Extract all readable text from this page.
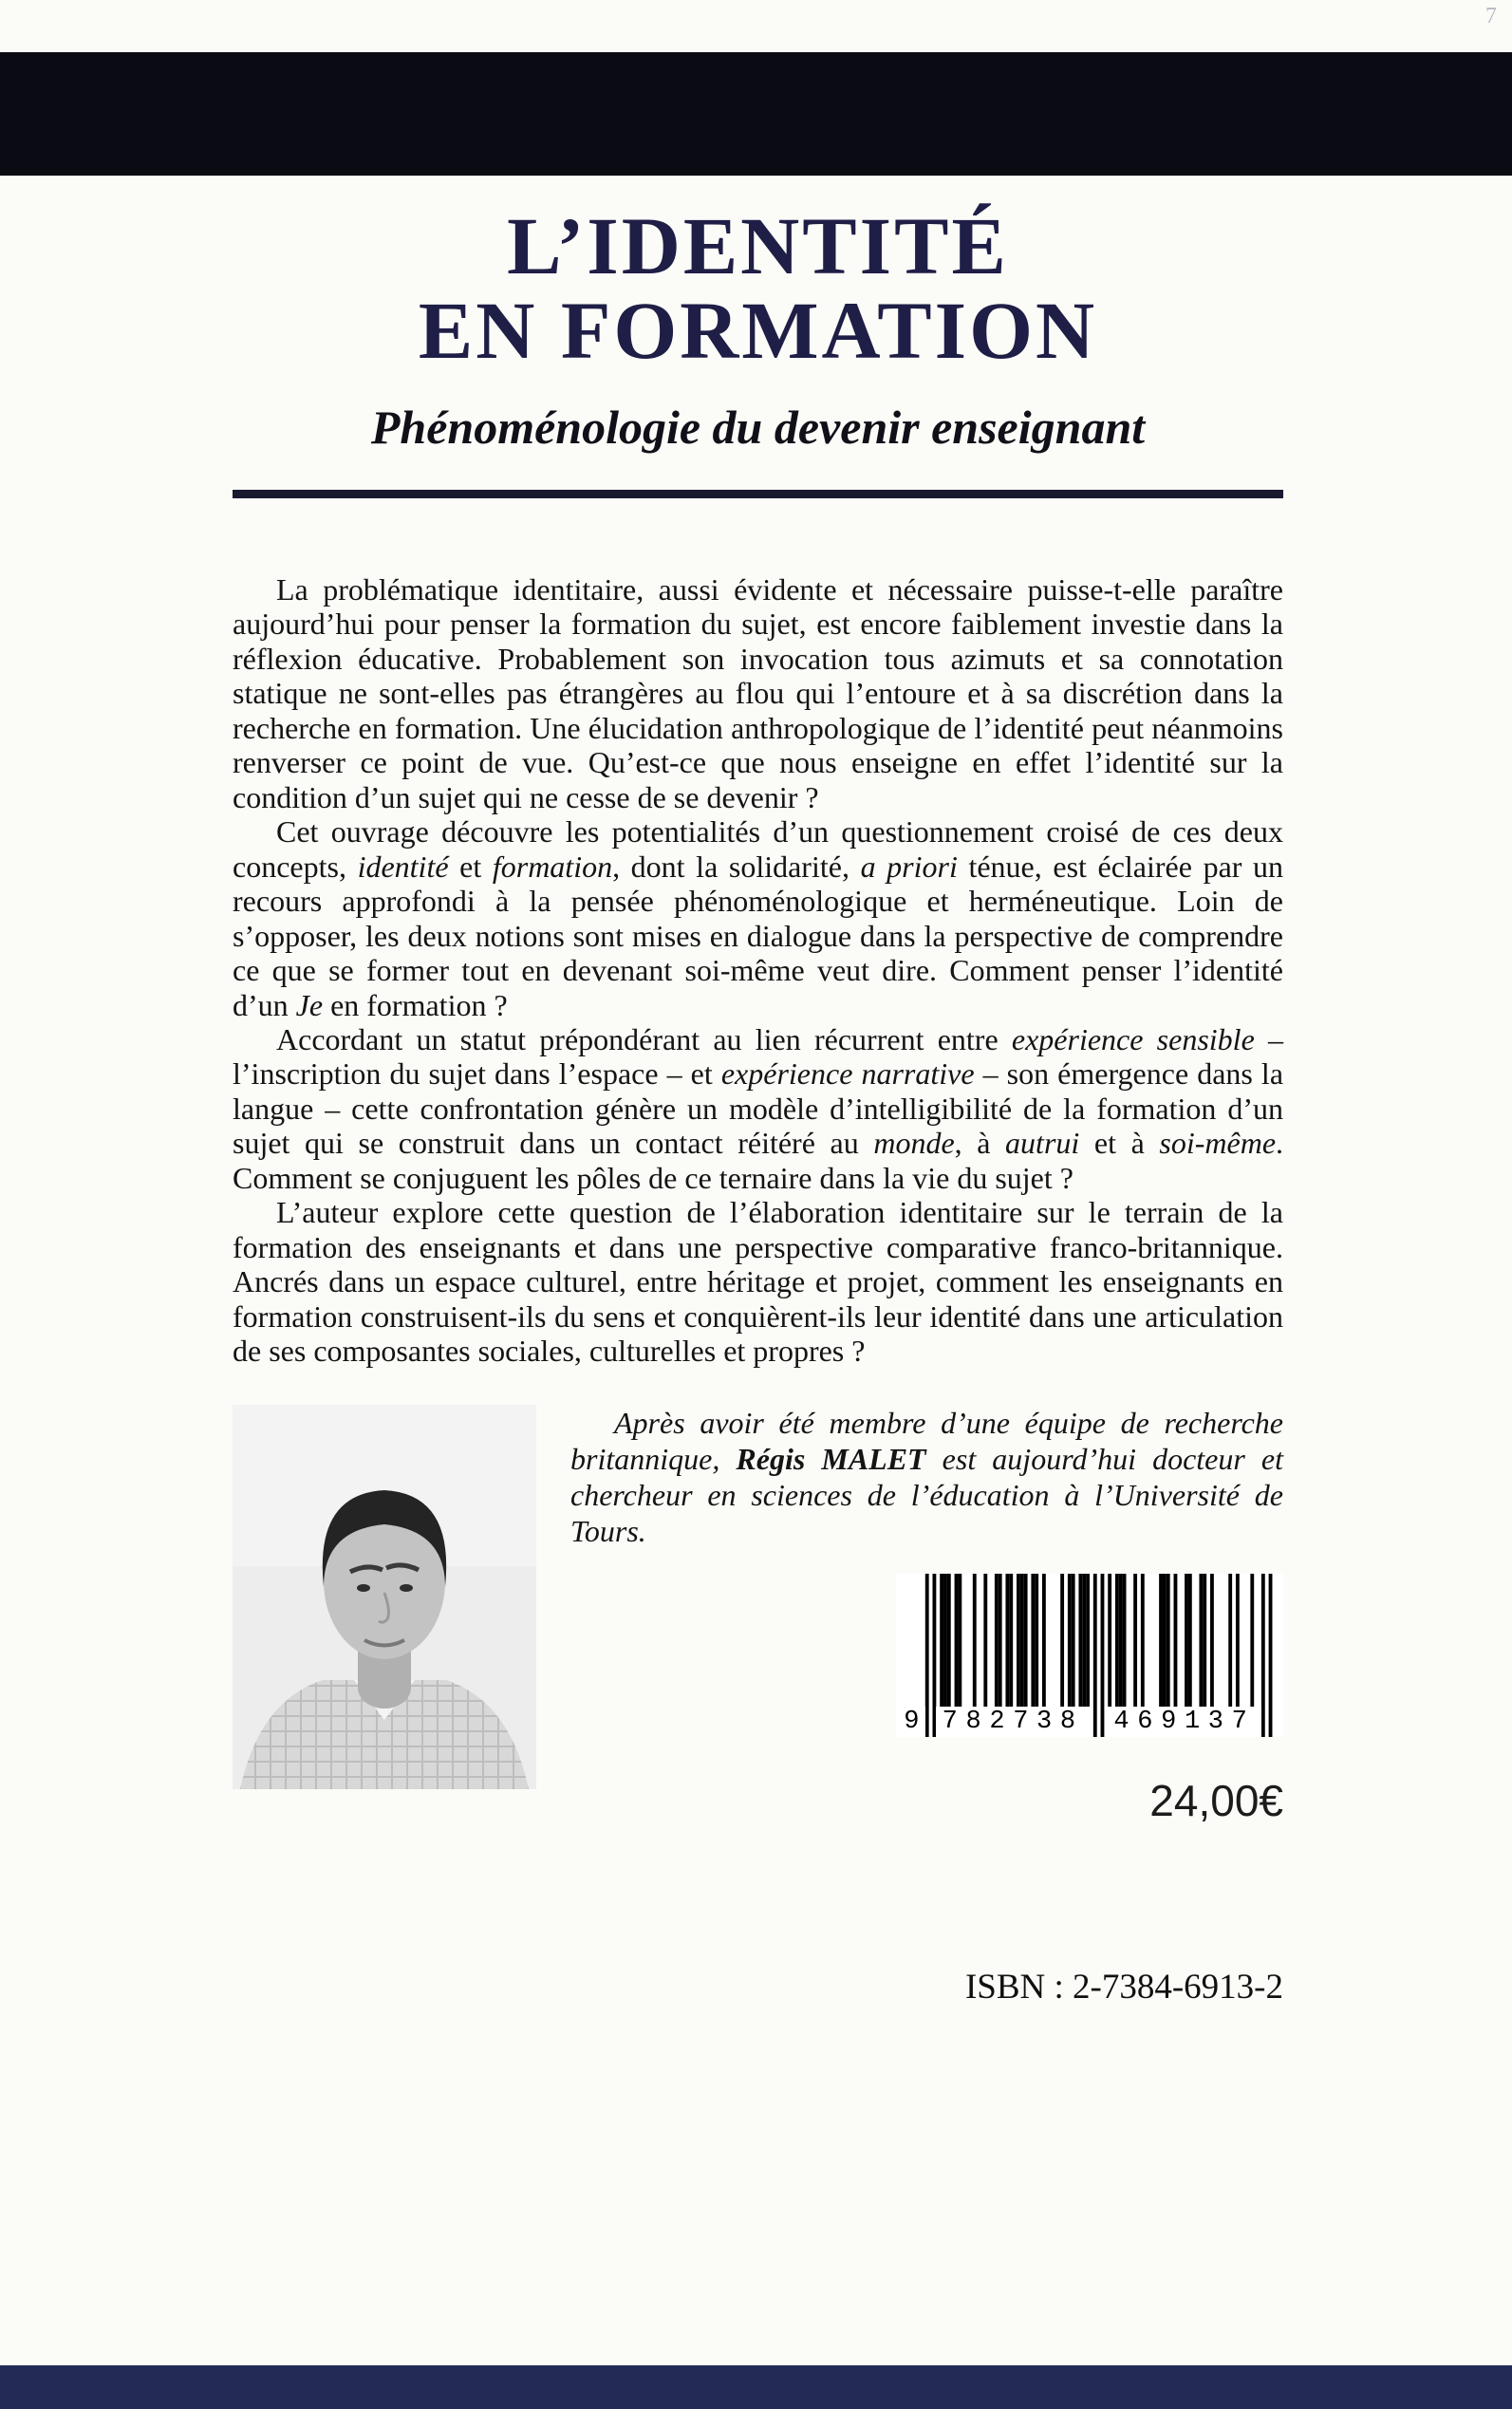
7
L’IDENTITÉ
EN FORMATION
Phénoménologie du devenir enseignant

La problématique identitaire, aussi évidente et nécessaire puisse-t-elle paraître aujourd’hui pour penser la formation du sujet, est encore faiblement investie dans la réflexion éducative. Probablement son invocation tous azimuts et sa connotation statique ne sont-elles pas étrangères au flou qui l’entoure et à sa discrétion dans la recherche en formation. Une élucidation anthropologique de l’identité peut néanmoins renverser ce point de vue. Qu’est-ce que nous enseigne en effet l’identité sur la condition d’un sujet qui ne cesse de se devenir ?

Cet ouvrage découvre les potentialités d’un questionnement croisé de ces deux concepts, identité et formation, dont la solidarité, a priori ténue, est éclairée par un recours approfondi à la pensée phénoménologique et herméneutique. Loin de s’opposer, les deux notions sont mises en dialogue dans la perspective de comprendre ce que se former tout en devenant soi-même veut dire. Comment penser l’identité d’un Je en formation ?

Accordant un statut prépondérant au lien récurrent entre expérience sensible – l’inscription du sujet dans l’espace – et expérience narrative – son émergence dans la langue – cette confrontation génère un modèle d’intelligibilité de la formation d’un sujet qui se construit dans un contact réitéré au monde, à autrui et à soi-même. Comment se conjuguent les pôles de ce ternaire dans la vie du sujet ?

L’auteur explore cette question de l’élaboration identitaire sur le terrain de la formation des enseignants et dans une perspective comparative franco-britannique. Ancrés dans un espace culturel, entre héritage et projet, comment les enseignants en formation construisent-ils du sens et conquièrent-ils leur identité dans une articulation de ses composantes sociales, culturelles et propres ?

Après avoir été membre d’une équipe de recherche britannique, Régis MALET est aujourd’hui docteur et chercheur en sciences de l’éducation à l’Université de Tours.

9 782738 469137
24,00€
ISBN : 2-7384-6913-2
